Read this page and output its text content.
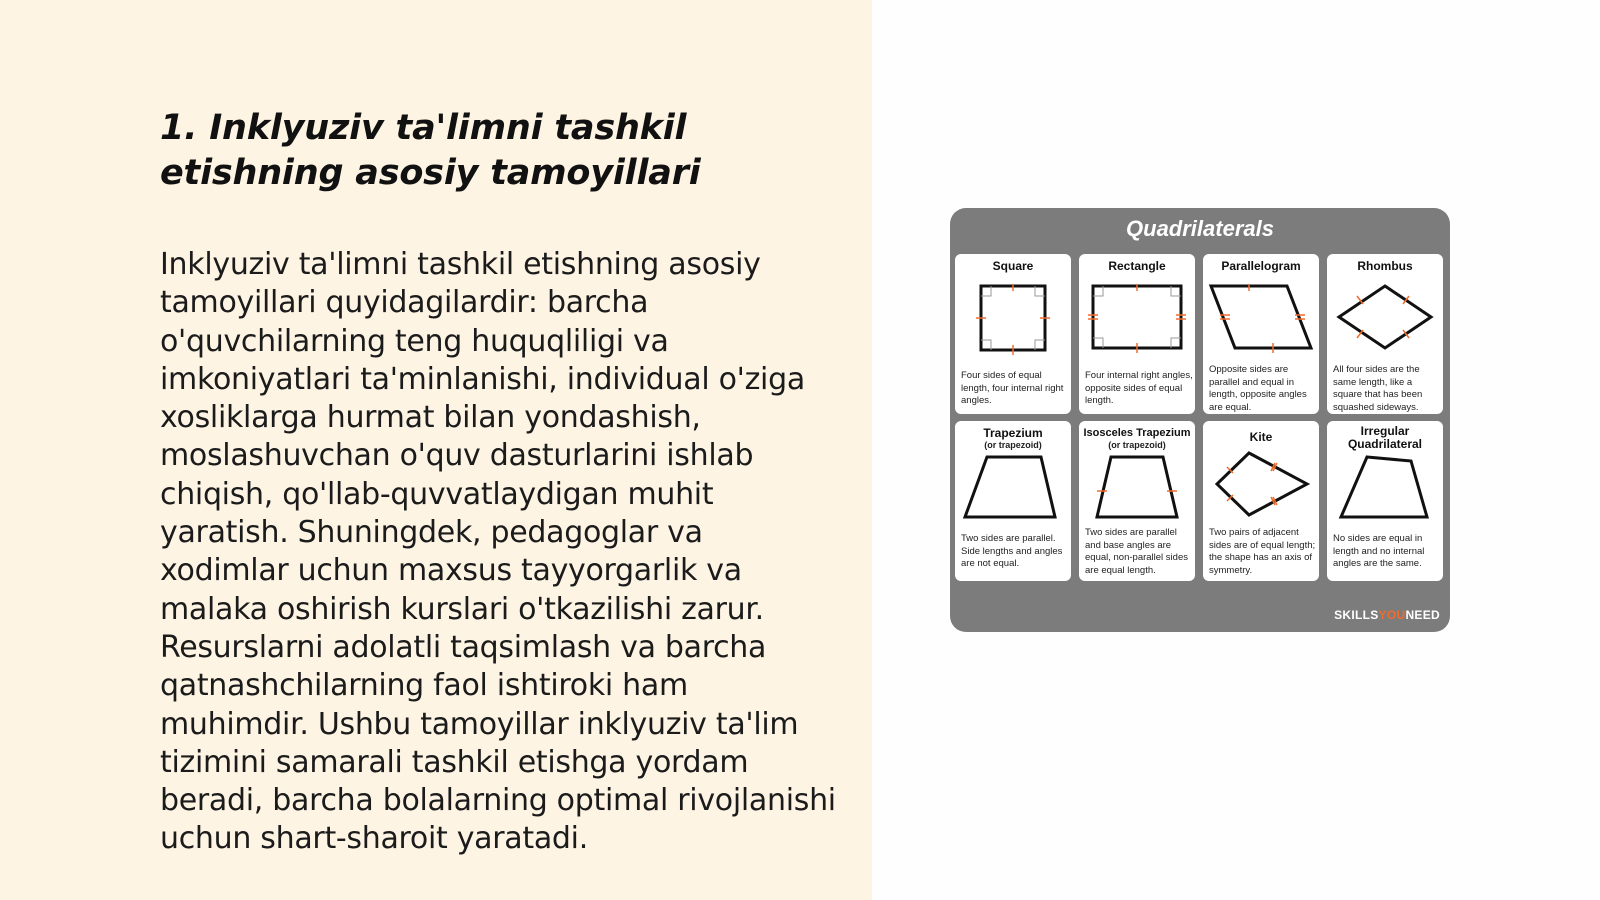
1. Inklyuziv ta'limni tashkil etishning asosiy tamoyillari

Inklyuziv ta'limni tashkil etishning asosiy tamoyillari quyidagilardir: barcha o'quvchilarning teng huquqliligi va imkoniyatlari ta'minlanishi, individual o'ziga xosliklarga hurmat bilan yondashish, moslashuvchan o'quv dasturlarini ishlab chiqish, qo'llab-quvvatlaydigan muhit yaratish. Shuningdek, pedagoglar va xodimlar uchun maxsus tayyorgarlik va malaka oshirish kurslari o'tkazilishi zarur. Resurslarni adolatli taqsimlash va barcha qatnashchilarning faol ishtiroki ham muhimdir. Ushbu tamoyillar inklyuziv ta'lim tizimini samarali tashkil etishga yordam beradi, barcha bolalarning optimal rivojlanishi uchun shart-sharoit yaratadi.

Quadrilaterals
Square
Four sides of equal length, four internal right angles.
Rectangle
Four internal right angles, opposite sides of equal length.
Parallelogram
Opposite sides are parallel and equal in length, opposite angles are equal.
Rhombus
All four sides are the same length, like a square that has been squashed sideways.
Trapezium
(or trapezoid)
Two sides are parallel. Side lengths and angles are not equal.
Isosceles Trapezium
(or trapezoid)
Two sides are parallel and base angles are equal, non-parallel sides are equal length.
Kite
Two pairs of adjacent sides are of equal length; the shape has an axis of symmetry.
Irregular Quadrilateral
No sides are equal in length and no internal angles are the same.
SKILLSYOUNEED
